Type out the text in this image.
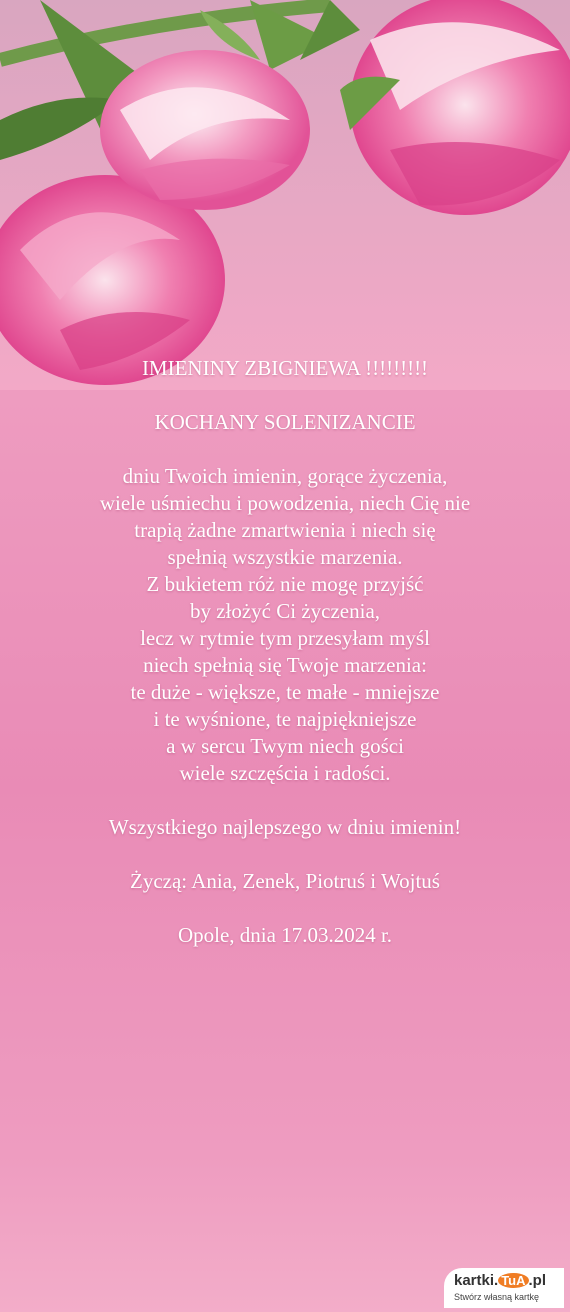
IMIENINY ZBIGNIEWA !!!!!!!!!
KOCHANY SOLENIZANCIE
dniu Twoich imienin, gorące życzenia,
wiele uśmiechu i powodzenia, niech Cię nie
trapią żadne zmartwienia i niech się
spełnią wszystkie marzenia.
Z bukietem róż nie mogę przyjść
by złożyć Ci życzenia,
lecz w rytmie tym przesyłam myśl
niech spełnią się Twoje marzenia:
te duże - większe, te małe - mniejsze
i te wyśnione, te najpiękniejsze
a w sercu Twym niech gości
wiele szczęścia i radości.
Wszystkiego najlepszego w dniu imienin!
Życzą: Ania, Zenek, Piotruś i Wojtuś
Opole, dnia 17.03.2024 r.
kartki. TuA .pl
Stwórz własną kartkę
